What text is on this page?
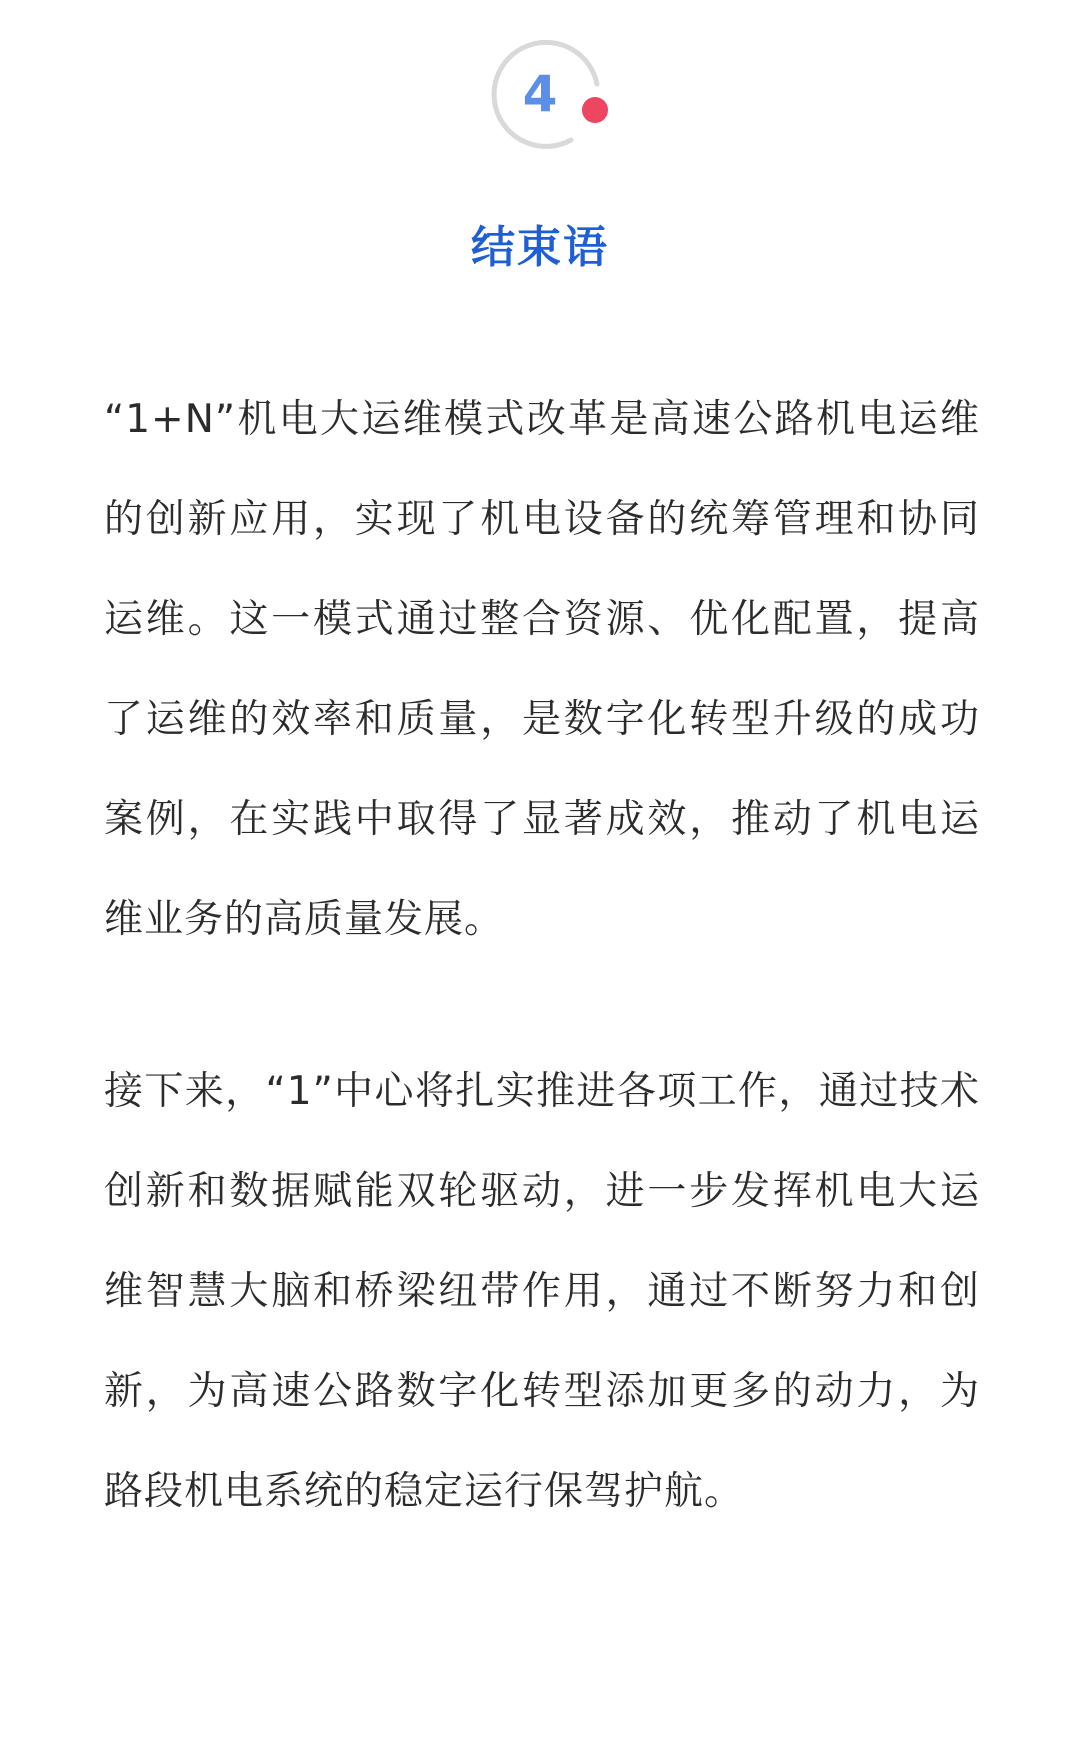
4
结束语

“1+N”机电大运维模式改革是高速公路机电运维的创新应用，实现了机电设备的统筹管理和协同运维。这一模式通过整合资源、优化配置，提高了运维的效率和质量，是数字化转型升级的成功案例，在实践中取得了显著成效，推动了机电运维业务的高质量发展。

接下来，“1”中心将扎实推进各项工作，通过技术创新和数据赋能双轮驱动，进一步发挥机电大运维智慧大脑和桥梁纽带作用，通过不断努力和创新，为高速公路数字化转型添加更多的动力，为路段机电系统的稳定运行保驾护航。
